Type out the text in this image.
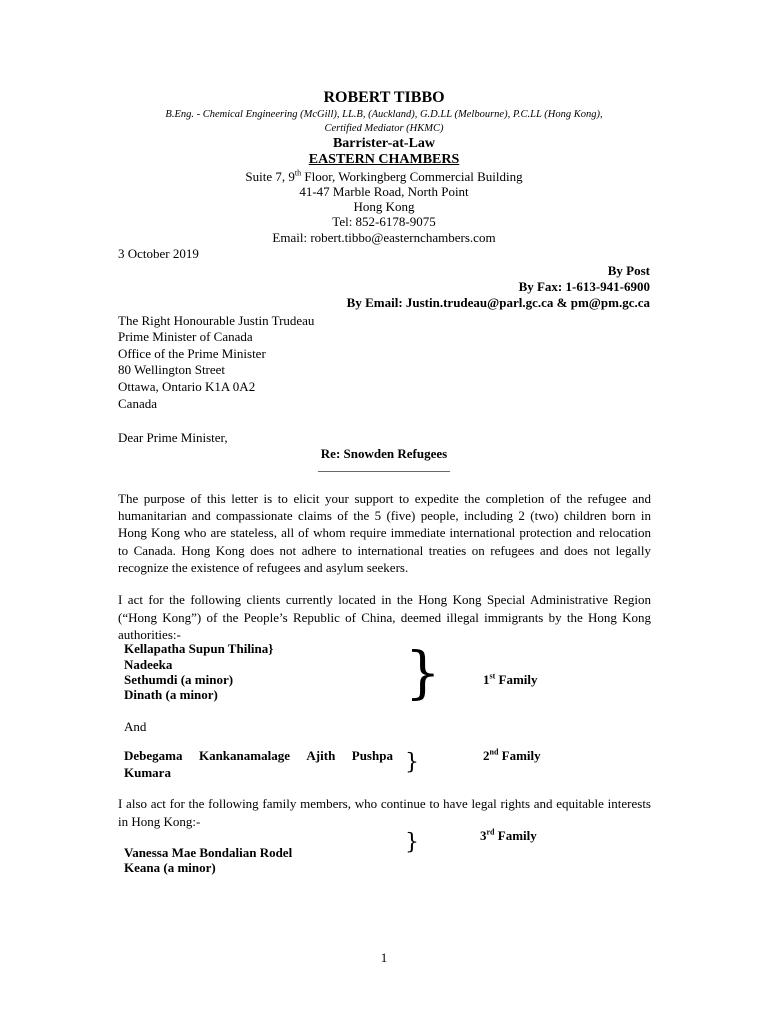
ROBERT TIBBO
B.Eng. - Chemical Engineering (McGill), LL.B, (Auckland), G.D.LL (Melbourne), P.C.LL (Hong Kong),
Certified Mediator (HKMC)
Barrister-at-Law
EASTERN CHAMBERS
Suite 7, 9th Floor, Workingberg Commercial Building
41-47 Marble Road, North Point
Hong Kong
Tel: 852-6178-9075
Email: robert.tibbo@easternchambers.com
3 October 2019
By Post
By Fax: 1-613-941-6900
By Email: Justin.trudeau@parl.gc.ca & pm@pm.gc.ca
The Right Honourable Justin Trudeau
Prime Minister of Canada
Office of the Prime Minister
80 Wellington Street
Ottawa, Ontario K1A 0A2
Canada
Dear Prime Minister,
Re: Snowden Refugees
______________________
The purpose of this letter is to elicit your support to expedite the completion of the refugee and humanitarian and compassionate claims of the 5 (five) people, including 2 (two) children born in Hong Kong who are stateless, all of whom require immediate international protection and relocation to Canada. Hong Kong does not adhere to international treaties on refugees and does not legally recognize the existence of refugees and asylum seekers.
I act for the following clients currently located in the Hong Kong Special Administrative Region (“Hong Kong”) of the People’s Republic of China, deemed illegal immigrants by the Hong Kong authorities:-
Kellapatha Supun Thilina}
Nadeeka
Sethumdi (a minor)
Dinath (a minor)	}	1st Family
And
Debegama Kankanamalage Ajith Pushpa
Kumara	}	2nd Family
I also act for the following family members, who continue to have legal rights and equitable interests in Hong Kong:-
3rd Family
}
Vanessa Mae Bondalian Rodel
Keana (a minor)
1
